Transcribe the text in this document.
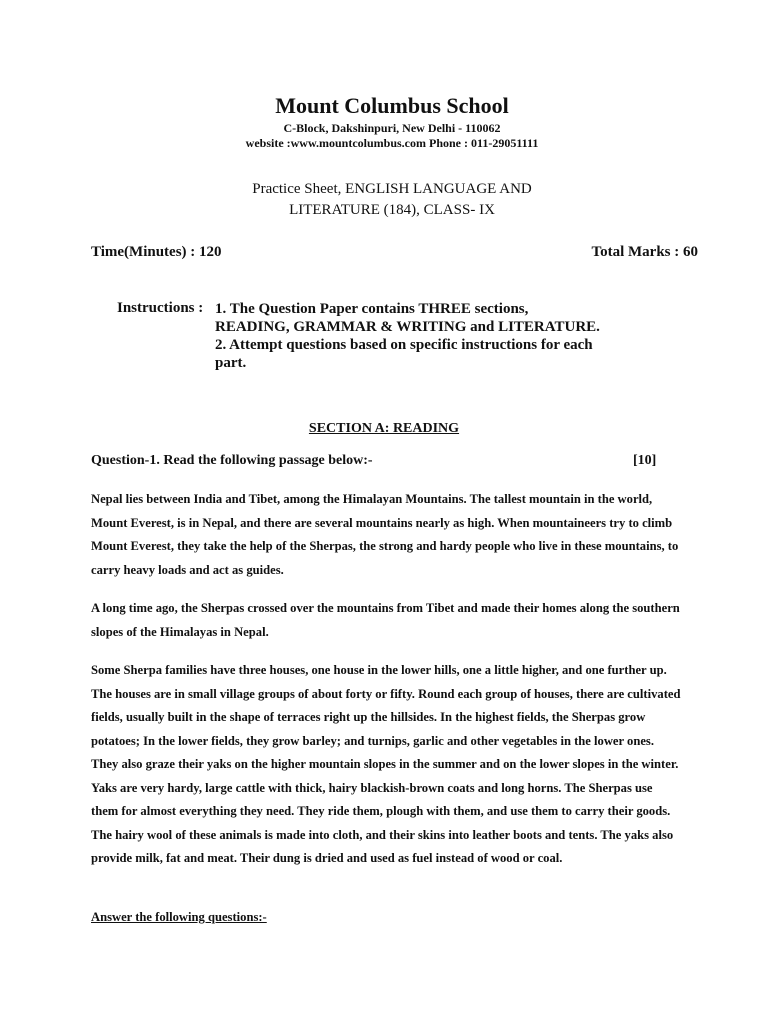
Mount Columbus School
C-Block, Dakshinpuri, New Delhi - 110062
website :www.mountcolumbus.com Phone : 011-29051111
Practice Sheet, ENGLISH LANGUAGE AND
LITERATURE (184), CLASS- IX
Time(Minutes) : 120	Total Marks : 60
Instructions : 1. The Question Paper contains THREE sections, READING, GRAMMAR & WRITING and LITERATURE.
2. Attempt questions based on specific instructions for each part.
SECTION A: READING
Question-1. Read the following passage below:-	[10]

Nepal lies between India and Tibet, among the Himalayan Mountains. The tallest mountain in the world, Mount Everest, is in Nepal, and there are several mountains nearly as high. When mountaineers try to climb Mount Everest, they take the help of the Sherpas, the strong and hardy people who live in these mountains, to carry heavy loads and act as guides.

A long time ago, the Sherpas crossed over the mountains from Tibet and made their homes along the southern slopes of the Himalayas in Nepal.

Some Sherpa families have three houses, one house in the lower hills, one a little higher, and one further up. The houses are in small village groups of about forty or fifty. Round each group of houses, there are cultivated fields, usually built in the shape of terraces right up the hillsides. In the highest fields, the Sherpas grow potatoes; In the lower fields, they grow barley; and turnips, garlic and other vegetables in the lower ones. They also graze their yaks on the higher mountain slopes in the summer and on the lower slopes in the winter. Yaks are very hardy, large cattle with thick, hairy blackish-brown coats and long horns. The Sherpas use them for almost everything they need. They ride them, plough with them, and use them to carry their goods. The hairy wool of these animals is made into cloth, and their skins into leather boots and tents. The yaks also provide milk, fat and meat. Their dung is dried and used as fuel instead of wood or coal.

Answer the following questions:-
